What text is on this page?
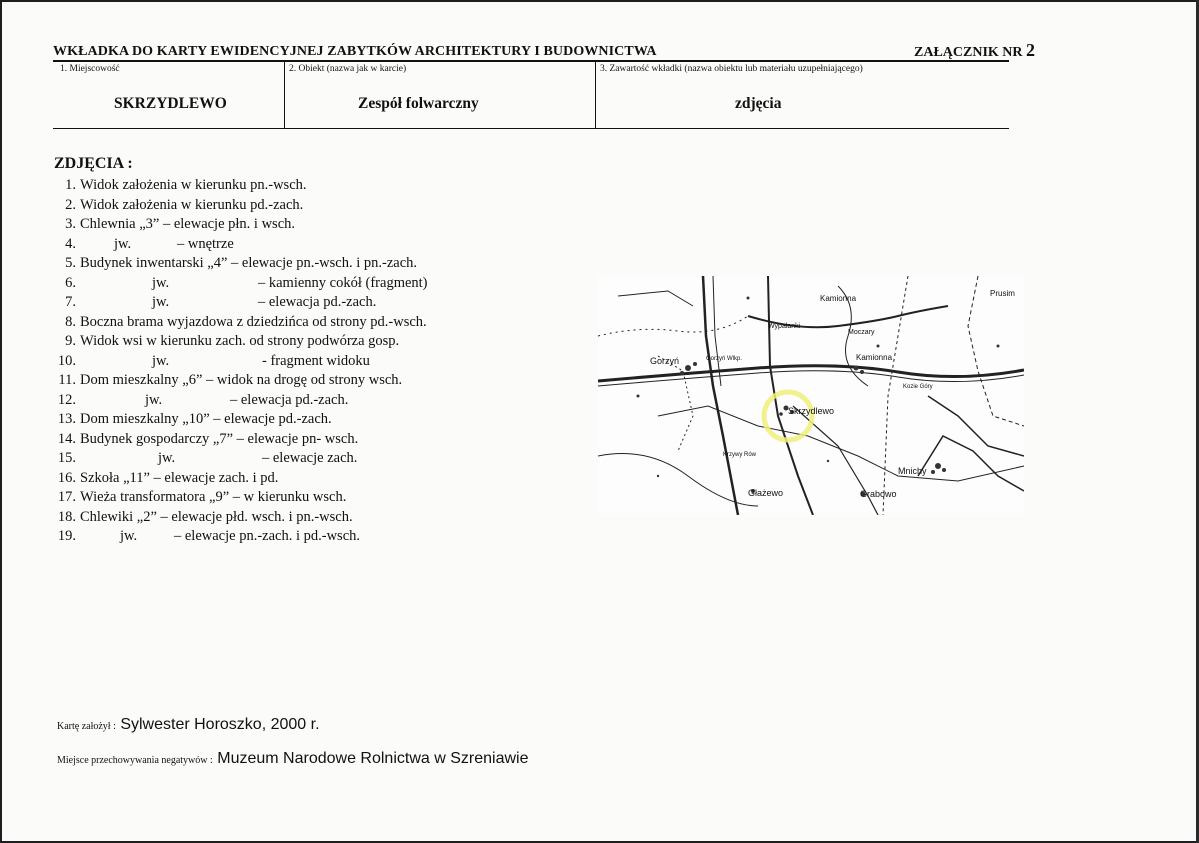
WKŁADKA DO KARTY EWIDENCYJNEJ ZABYTKÓW ARCHITEKTURY I BUDOWNICTWA	ZAŁĄCZNIK NR 2
1. Miejscowość
SKRZYDLEWO
2. Obiekt (nazwa jak w karcie)
Zespół folwarczny
3. Zawartość wkładki (nazwa obiektu lub materiału uzupełniającego)
zdjęcia
ZDJĘCIA :
1. Widok założenia w kierunku pn.-wsch.
2. Widok założenia w kierunku pd.-zach.
3. Chlewnia „3” – elewacje płn. i wsch.
4.	jw.	– wnętrze
5. Budynek inwentarski „4” – elewacje pn.-wsch. i pn.-zach.
6.	jw.	– kamienny cokół (fragment)
7.	jw.	– elewacja pd.-zach.
8. Boczna brama wyjazdowa z dziedzińca od strony pd.-wsch.
9. Widok wsi w kierunku zach. od strony podwórza gosp.
10.	jw.	- fragment widoku
11. Dom mieszkalny „6” – widok na drogę od strony wsch.
12.	jw.	– elewacja pd.-zach.
13. Dom mieszkalny „10” – elewacje pd.-zach.
14. Budynek gospodarczy „7” – elewacje pn- wsch.
15.	jw.	– elewacje zach.
16. Szkoła „11” – elewacje zach. i pd.
17. Wieża transformatora „9” – w kierunku wsch.
18. Chlewiki „2” – elewacje płd. wsch. i pn.-wsch.
19.	jw.	– elewacje pn.-zach. i pd.-wsch.
Kamionna
Wypalanki
Moczary
Kamionna
Gorzyń	Gorzyń Wlkp.
Prusim
Kozie Góry
Skrzydlewo
Mnichy
Głażewo	Grabowo
Krzywy Rów
Kartę założył : Sylwester Horoszko, 2000 r.
Miejsce przechowywania negatywów : Muzeum Narodowe Rolnictwa w Szreniawie
